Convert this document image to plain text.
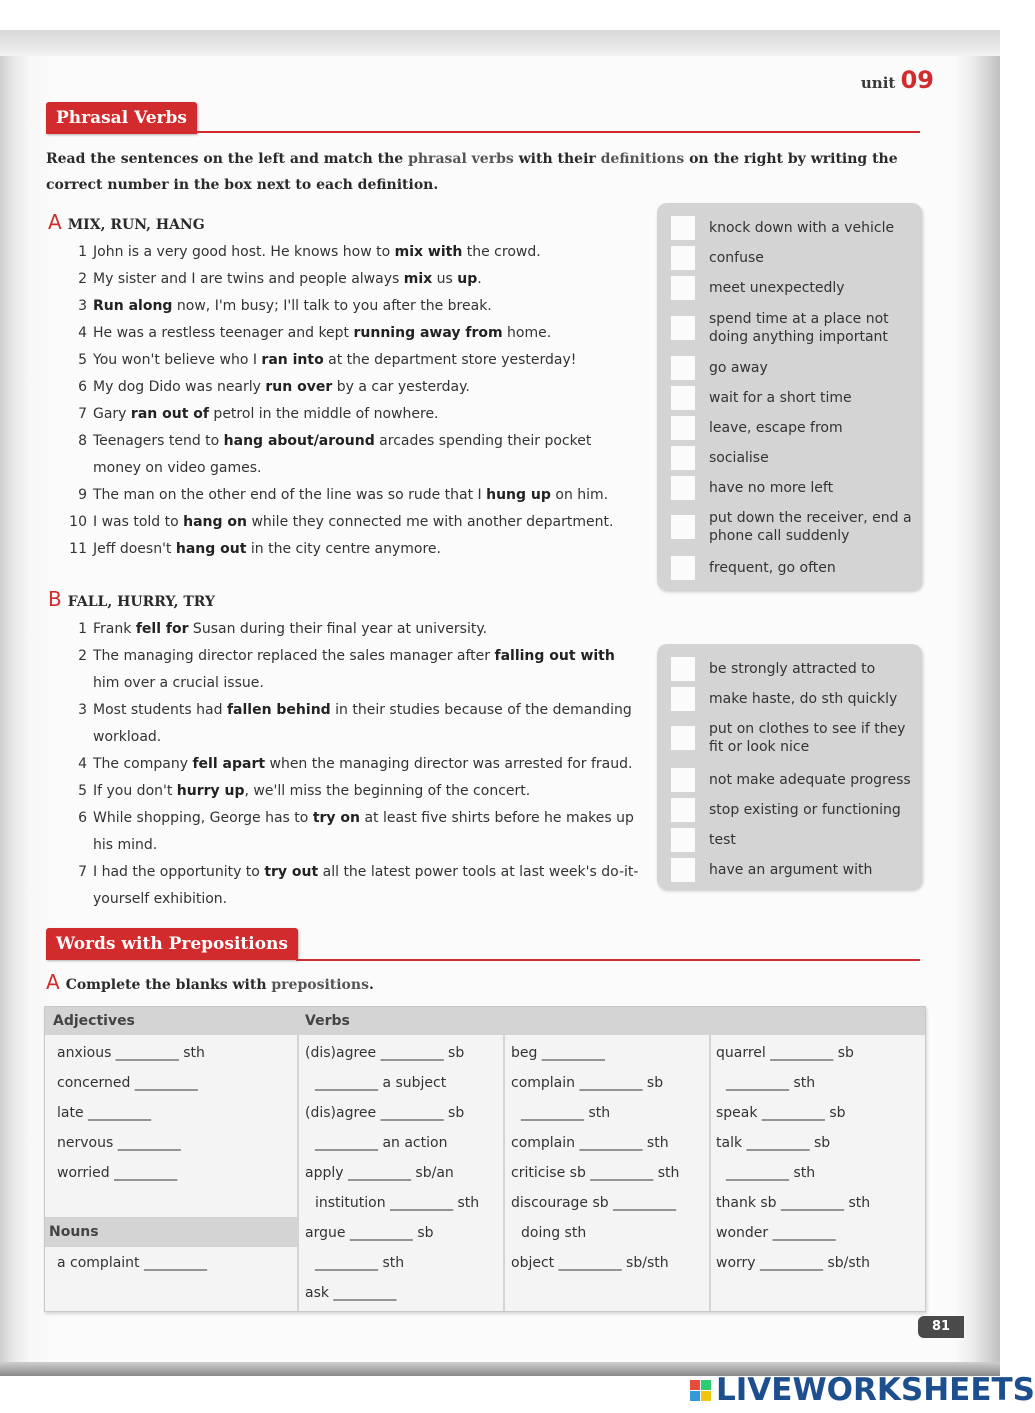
unit 09
Phrasal Verbs
Read the sentences on the left and match the phrasal verbs with their definitions on the right by writing the correct number in the box next to each definition.
A MIX, RUN, HANG
1 John is a very good host. He knows how to mix with the crowd.
2 My sister and I are twins and people always mix us up.
3 Run along now, I'm busy; I'll talk to you after the break.
4 He was a restless teenager and kept running away from home.
5 You won't believe who I ran into at the department store yesterday!
6 My dog Dido was nearly run over by a car yesterday.
7 Gary ran out of petrol in the middle of nowhere.
8 Teenagers tend to hang about/around arcades spending their pocket money on video games.
9 The man on the other end of the line was so rude that I hung up on him.
10 I was told to hang on while they connected me with another department.
11 Jeff doesn't hang out in the city centre anymore.
knock down with a vehicle
confuse
meet unexpectedly
spend time at a place not doing anything important
go away
wait for a short time
leave, escape from
socialise
have no more left
put down the receiver, end a phone call suddenly
frequent, go often
B FALL, HURRY, TRY
1 Frank fell for Susan during their final year at university.
2 The managing director replaced the sales manager after falling out with him over a crucial issue.
3 Most students had fallen behind in their studies because of the demanding workload.
4 The company fell apart when the managing director was arrested for fraud.
5 If you don't hurry up, we'll miss the beginning of the concert.
6 While shopping, George has to try on at least five shirts before he makes up his mind.
7 I had the opportunity to try out all the latest power tools at last week's do-it-yourself exhibition.
be strongly attracted to
make haste, do sth quickly
put on clothes to see if they fit or look nice
not make adequate progress
stop existing or functioning
test
have an argument with
Words with Prepositions
A Complete the blanks with prepositions.
Adjectives	Verbs
Nouns
anxious _________ sth
concerned _________
late _________
nervous _________
worried _________
a complaint _________
(dis)agree _________ sb
_________ a subject
(dis)agree _________ sb
_________ an action
apply _________ sb/an
institution _________ sth
argue _________ sb
_________ sth
ask _________
beg _________
complain _________ sb
_________ sth
complain _________ sth
criticise sb _________ sth
discourage sb _________
doing sth
object _________ sb/sth
quarrel _________ sb
_________ sth
speak _________ sb
talk _________ sb
_________ sth
thank sb _________ sth
wonder _________
worry _________ sb/sth
81
LIVEWORKSHEETS
